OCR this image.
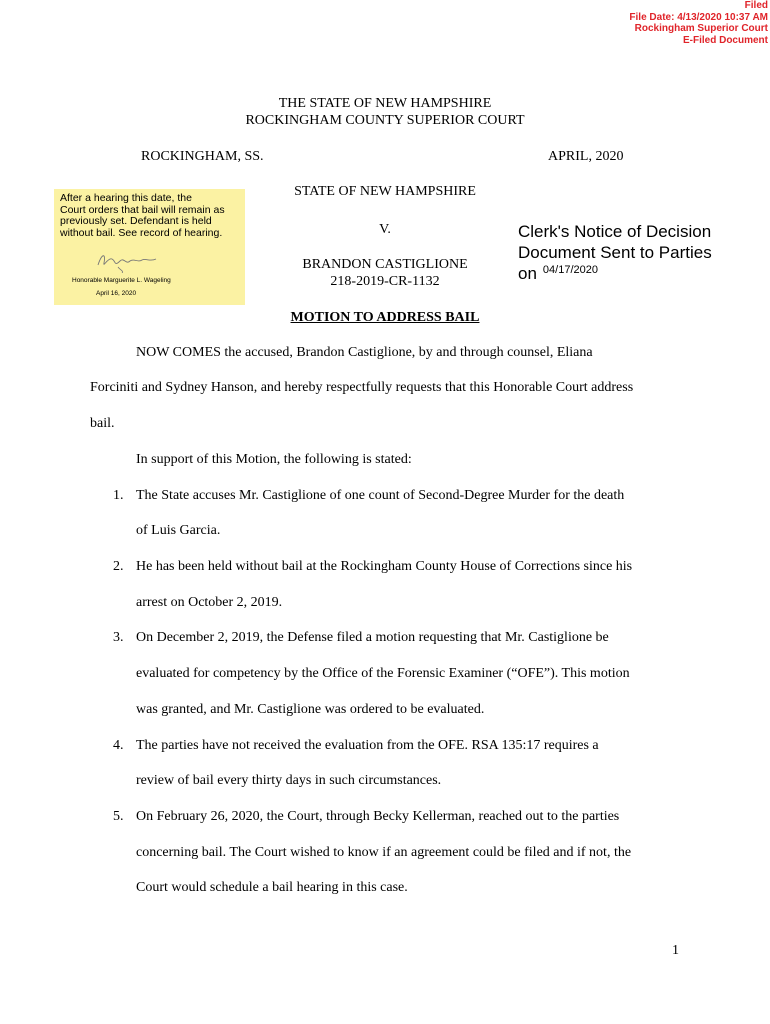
Filed
File Date: 4/13/2020 10:37 AM
Rockingham Superior Court
E-Filed Document
THE STATE OF NEW HAMPSHIRE
ROCKINGHAM COUNTY SUPERIOR COURT
ROCKINGHAM, SS.	APRIL, 2020
STATE OF NEW HAMPSHIRE
V.
BRANDON CASTIGLIONE
218-2019-CR-1132
After a hearing this date, the
Court orders that bail will remain as
previously set. Defendant is held
without bail. See record of hearing.
Honorable Marguerite L. Wageling
April 16, 2020
Clerk's Notice of Decision
Document Sent to Parties
on $^{04/17/2020}$
MOTION TO ADDRESS BAIL
NOW COMES the accused, Brandon Castiglione, by and through counsel, Eliana
Forciniti and Sydney Hanson, and hereby respectfully requests that this Honorable Court address
bail.
In support of this Motion, the following is stated:
1. The State accuses Mr. Castiglione of one count of Second-Degree Murder for the death
of Luis Garcia.
2. He has been held without bail at the Rockingham County House of Corrections since his
arrest on October 2, 2019.
3. On December 2, 2019, the Defense filed a motion requesting that Mr. Castiglione be
evaluated for competency by the Office of the Forensic Examiner (“OFE”). This motion
was granted, and Mr. Castiglione was ordered to be evaluated.
4. The parties have not received the evaluation from the OFE. RSA 135:17 requires a
review of bail every thirty days in such circumstances.
5. On February 26, 2020, the Court, through Becky Kellerman, reached out to the parties
concerning bail. The Court wished to know if an agreement could be filed and if not, the
Court would schedule a bail hearing in this case.
1
